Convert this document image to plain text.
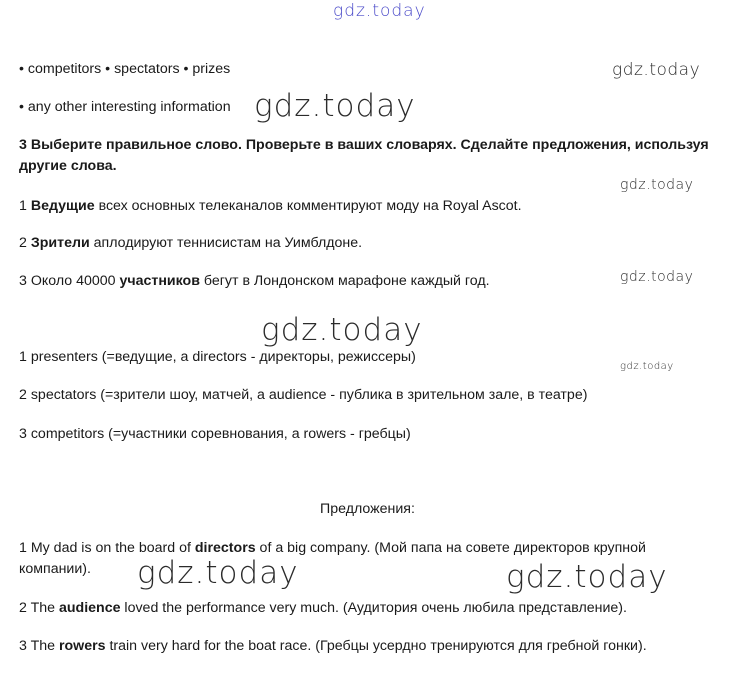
• competitors • spectators • prizes

• any other interesting information

3 Выберите правильное слово. Проверьте в ваших словарях. Сделайте предложения, используя другие слова.

1 Ведущие всех основных телеканалов комментируют моду на Royal Ascot.

2 Зрители аплодируют теннисистам на Уимблдоне.

3 Около 40000 участников бегут в Лондонском марафоне каждый год.

1 presenters (=ведущие, a directors - директоры, режиссеры)

2 spectators (=зрители шоу, матчей, a audience - публика в зрительном зале, в театре)

3 competitors (=участники соревнования, a rowers - гребцы)

Предложения:

1 My dad is on the board of directors of a big company. (Мой папа на совете директоров крупной компании).

2 The audience loved the performance very much. (Аудитория очень любила представление).

3 The rowers train very hard for the boat race. (Гребцы усердно тренируются для гребной гонки).

gdz.today
gdz.today
gdz.today
gdz.today
gdz.today
gdz.today
gdz.today
gdz.today	gdz.today
